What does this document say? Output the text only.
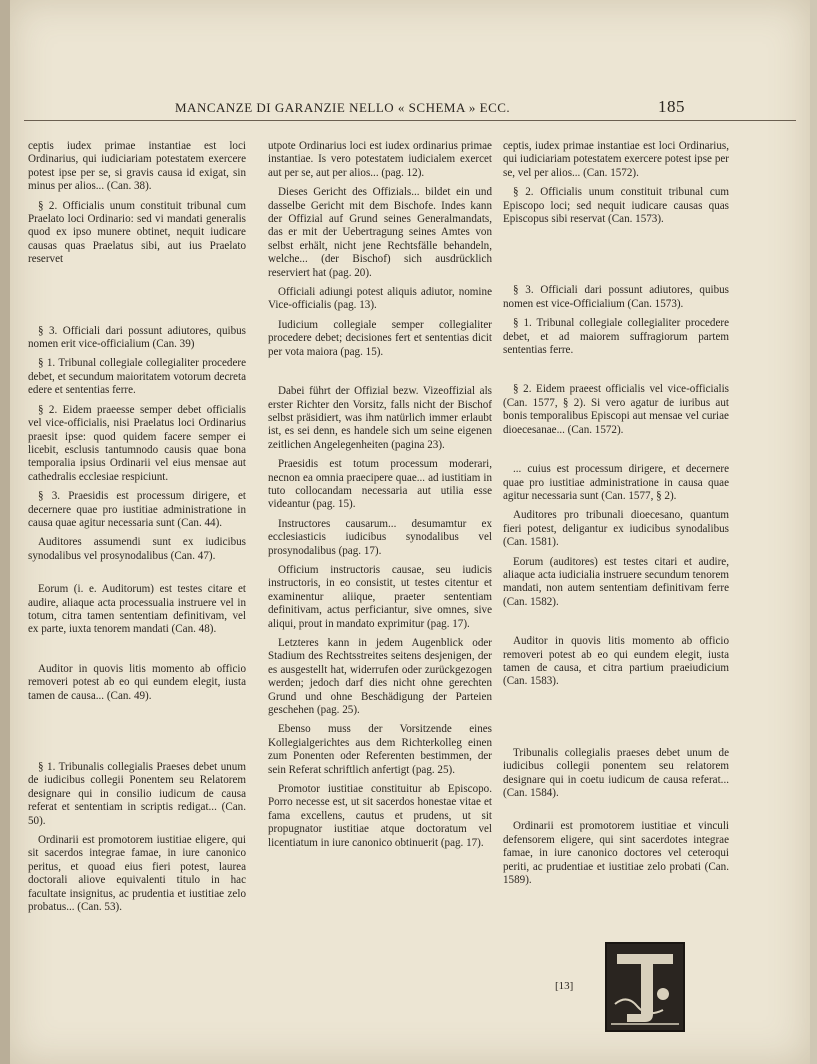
MANCANZE DI GARANZIE NELLO « SCHEMA » ECC.	185

ceptis iudex primae instantiae est loci Ordinarius, qui iudiciariam potestatem exercere potest ipse per se, si gravis causa id exigat, sin minus per alios... (Can. 38).

§ 2. Officialis unum constituit tribunal cum Praelato loci Ordinario: sed vi mandati generalis quod ex ipso munere obtinet, nequit iudicare causas quas Praelatus sibi, aut ius Praelato reservet

§ 3. Officiali dari possunt adiutores, quibus nomen erit vice-officialium (Can. 39)

§ 1. Tribunal collegiale collegialiter procedere debet, et secundum maioritatem votorum decreta edere et sententias ferre.

§ 2. Eidem praeesse semper debet officialis vel vice-officialis, nisi Praelatus loci Ordinarius praesit ipse: quod quidem facere semper ei licebit, esclusis tantumnodo causis quae bona temporalia ipsius Ordinarii vel eius mensae aut cathedralis ecclesiae respiciunt.

§ 3. Praesidis est processum dirigere, et decernere quae pro iustitiae administratione in causa quae agitur necessaria sunt (Can. 44).

Auditores assumendi sunt ex iudicibus synodalibus vel prosynodalibus (Can. 47).

Eorum (i. e. Auditorum) est testes citare et audire, aliaque acta processualia instruere vel in totum, citra tamen sententiam definitivam, vel ex parte, iuxta tenorem mandati (Can. 48).

Auditor in quovis litis momento ab officio removeri potest ab eo qui eundem elegit, iusta tamen de causa... (Can. 49).

§ 1. Tribunalis collegialis Praeses debet unum de iudicibus collegii Ponentem seu Relatorem designare qui in consilio iudicum de causa referat et sententiam in scriptis redigat... (Can. 50).

Ordinarii est promotorem iustitiae eligere, qui sit sacerdos integrae famae, in iure canonico peritus, et quoad eius fieri potest, laurea doctorali aliove equivalenti titulo in hac facultate insignitus, ac prudentia et iustitiae zelo probatus... (Can. 53).

utpote Ordinarius loci est iudex ordinarius primae instantiae. Is vero potestatem iudicialem exercet aut per se, aut per alios... (pag. 12).

Dieses Gericht des Offizials... bildet ein und dasselbe Gericht mit dem Bischofe. Indes kann der Offizial auf Grund seines Generalmandats, das er mit der Uebertragung seines Amtes von selbst erhält, nicht jene Rechtsfälle behandeln, welche... (der Bischof) sich ausdrücklich reserviert hat (pag. 20).

Officiali adiungi potest aliquis adiutor, nomine Vice-officialis (pag. 13).

Iudicium collegiale semper collegialiter procedere debet; decisiones fert et sententias dicit per vota maiora (pag. 15).

Dabei führt der Offizial bezw. Vizeoffizial als erster Richter den Vorsitz, falls nicht der Bischof selbst präsidiert, was ihm natürlich immer erlaubt ist, es sei denn, es handele sich um seine eigenen zeitlichen Angelegenheiten (pagina 23).

Praesidis est totum processum moderari, necnon ea omnia praecipere quae... ad iustitiam in tuto collocandam necessaria aut utilia esse videantur (pag. 15).

Instructores causarum... desumamtur ex ecclesiasticis iudicibus synodalibus vel prosynodalibus (pag. 17).

Officium instructoris causae, seu iudicis instructoris, in eo consistit, ut testes citentur et examinentur aliique, praeter sententiam definitivam, actus perficiantur, sive omnes, sive aliqui, prout in mandato exprimitur (pag. 17).

Letzteres kann in jedem Augenblick oder Stadium des Rechtsstreites seitens desjenigen, der es ausgestellt hat, widerrufen oder zurückgezogen werden; jedoch darf dies nicht ohne gerechten Grund und ohne Beschädigung der Parteien geschehen (pag. 25).

Ebenso muss der Vorsitzende eines Kollegialgerichtes aus dem Richterkolleg einen zum Ponenten oder Referenten bestimmen, der sein Referat schriftlich anfertigt (pag. 25).

Promotor iustitiae constituitur ab Episcopo. Porro necesse est, ut sit sacerdos honestae vitae et fama excellens, cautus et prudens, ut sit propugnator iustitiae atque doctoratum vel licentiatum in iure canonico obtinuerit (pag. 17).

ceptis, iudex primae instantiae est loci Ordinarius, qui iudiciariam potestatem exercere potest ipse per se, vel per alios... (Can. 1572).

§ 2. Officialis unum constituit tribunal cum Episcopo loci; sed nequit iudicare causas quas Episcopus sibi reservat (Can. 1573).

§ 3. Officiali dari possunt adiutores, quibus nomen est vice-Officialium (Can. 1573).

§ 1. Tribunal collegiale collegialiter procedere debet, et ad maiorem suffragiorum partem sententias ferre.

§ 2. Eidem praeest officialis vel vice-officialis (Can. 1577, § 2). Si vero agatur de iuribus aut bonis temporalibus Episcopi aut mensae vel curiae dioecesanae... (Can. 1572).

... cuius est processum dirigere, et decernere quae pro iustitiae administratione in causa quae agitur necessaria sunt (Can. 1577, § 2).

Auditores pro tribunali dioecesano, quantum fieri potest, deligantur ex iudicibus synodalibus (Can. 1581).

Eorum (auditores) est testes citari et audire, aliaque acta iudicialia instruere secundum tenorem mandati, non autem sententiam definitivam ferre (Can. 1582).

Auditor in quovis litis momento ab officio removeri potest ab eo qui eundem elegit, iusta tamen de causa, et citra partium praeiudicium (Can. 1583).

Tribunalis collegialis praeses debet unum de iudicibus collegii ponentem seu relatorem designare qui in coetu iudicum de causa referat... (Can. 1584).

Ordinarii est promotorem iustitiae et vinculi defensorem eligere, qui sint sacerdotes integrae famae, in iure canonico doctores vel ceteroqui periti, ac prudentiae et iustitiae zelo probati (Can. 1589).

[13]
